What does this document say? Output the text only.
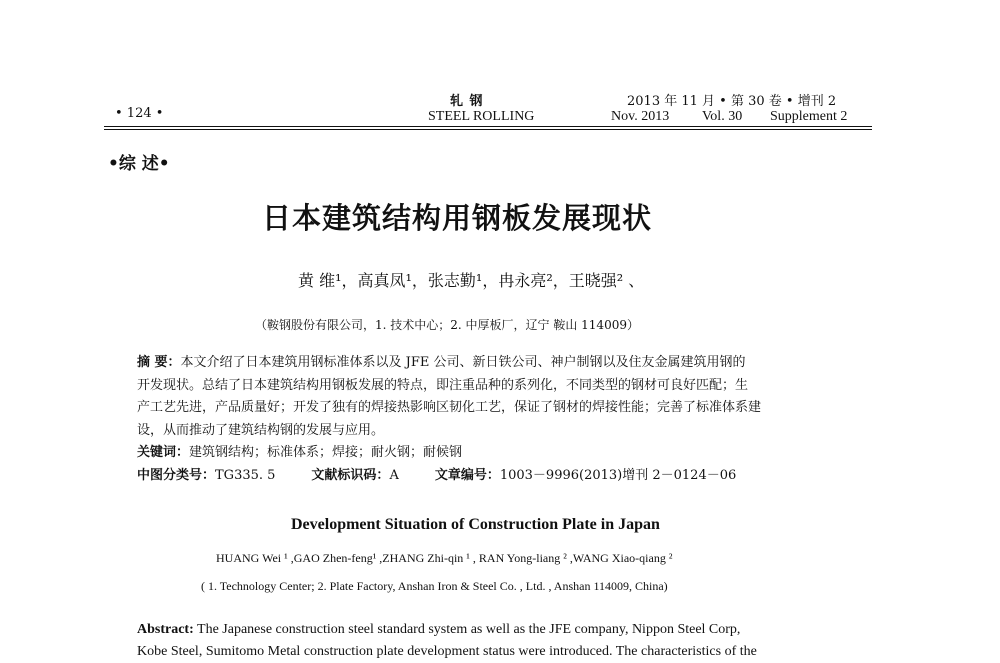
• 124 •
轧 钢
STEEL ROLLING
2013 年 11 月 • 第 30 卷 • 增刊 2
Nov. 2013 Vol. 30 Supplement 2
•综 述•
日本建筑结构用钢板发展现状
黄 维¹，高真凤¹，张志勤¹，冉永亮²，王晓强² 、
（鞍钢股份有限公司，1. 技术中心；2. 中厚板厂，辽宁 鞍山 114009）
摘 要：本文介绍了日本建筑用钢标准体系以及 JFE 公司、新日铁公司、神户制钢以及住友金属建筑用钢的
开发现状。总结了日本建筑结构用钢板发展的特点，即注重品种的系列化，不同类型的钢材可良好匹配；生
产工艺先进，产品质量好；开发了独有的焊接热影响区韧化工艺，保证了钢材的焊接性能；完善了标准体系建
设，从而推动了建筑结构钢的发展与应用。
关键词： 建筑钢结构；标准体系；焊接；耐火钢；耐候钢
中图分类号： TG335. 5	文献标识码： A	文章编号： 1003－9996(2013)增刊 2－0124－06
Development Situation of Construction Plate in Japan
HUANG Wei ¹ ,GAO Zhen-feng¹ ,ZHANG Zhi-qin ¹ , RAN Yong-liang ² ,WANG Xiao-qiang ²
( 1. Technology Center; 2. Plate Factory, Anshan Iron & Steel Co. , Ltd. , Anshan 114009, China)
Abstract: The Japanese construction steel standard system as well as the JFE company, Nippon Steel Corp,
Kobe Steel, Sumitomo Metal construction plate development status were introduced. The characteristics of the
